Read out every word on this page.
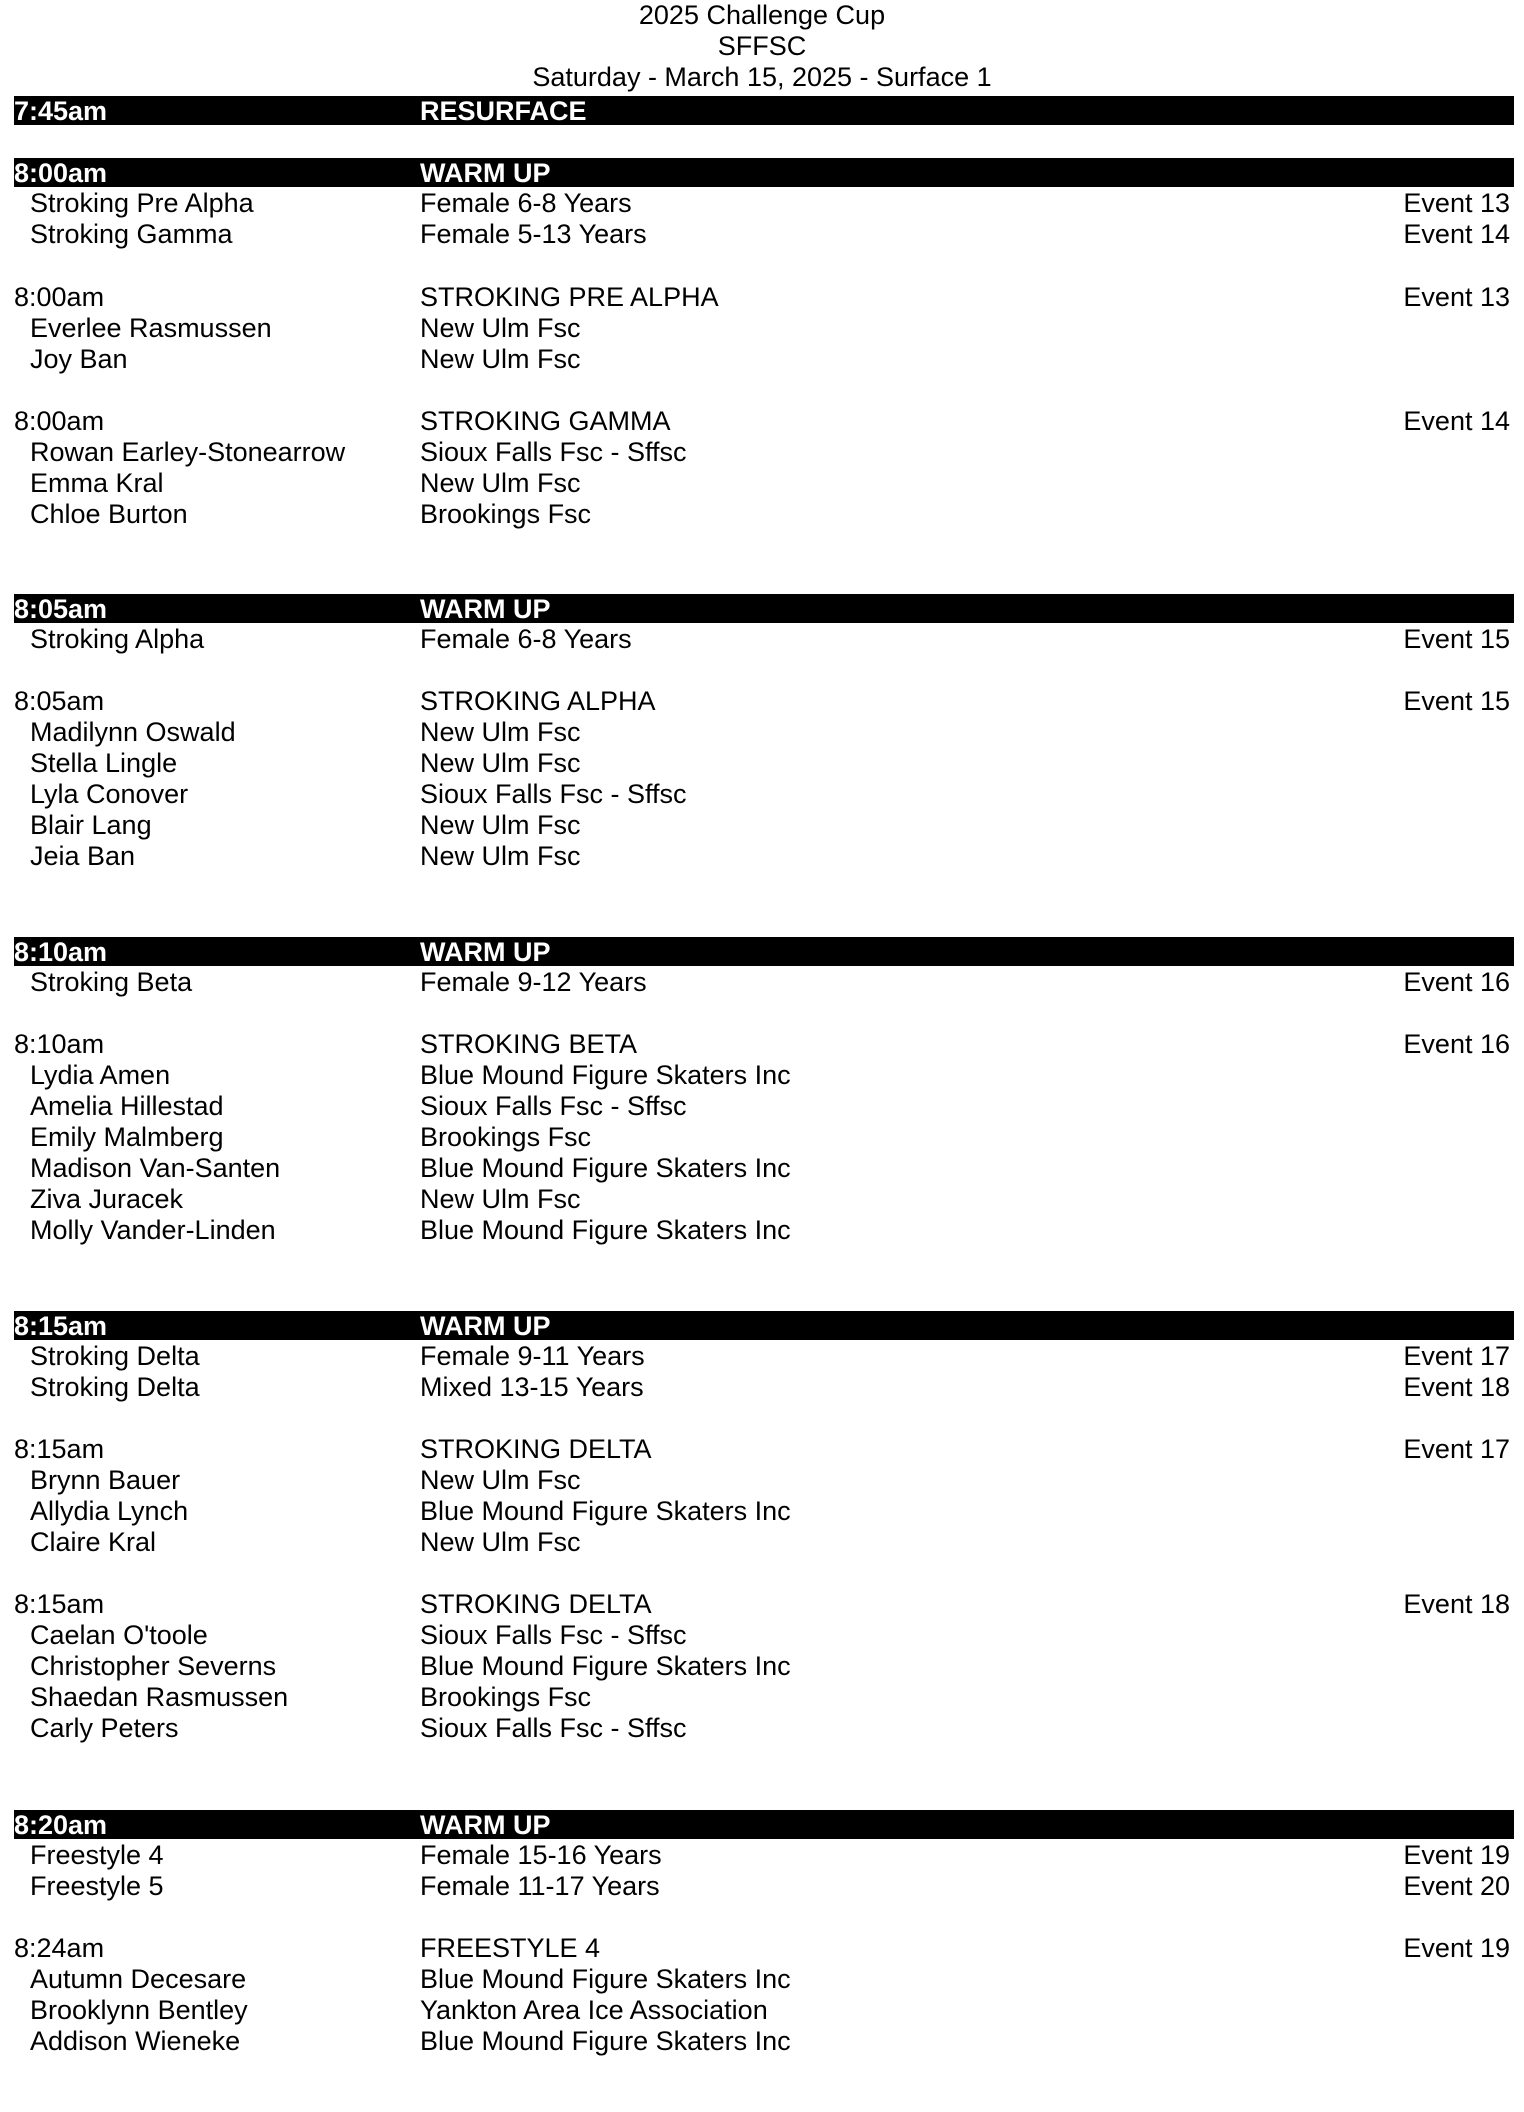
2025 Challenge Cup
SFFSC
Saturday - March 15, 2025 - Surface 1
7:45am	RESURFACE
8:00am	WARM UP
Stroking Pre Alpha	Female 6-8 Years	Event 13
Stroking Gamma	Female 5-13 Years	Event 14
8:00am	STROKING PRE ALPHA	Event 13
Everlee Rasmussen	New Ulm Fsc
Joy Ban	New Ulm Fsc
8:00am	STROKING GAMMA	Event 14
Rowan Earley-Stonearrow	Sioux Falls Fsc - Sffsc
Emma Kral	New Ulm Fsc
Chloe Burton	Brookings Fsc
8:05am	WARM UP
Stroking Alpha	Female 6-8 Years	Event 15
8:05am	STROKING ALPHA	Event 15
Madilynn Oswald	New Ulm Fsc
Stella Lingle	New Ulm Fsc
Lyla Conover	Sioux Falls Fsc - Sffsc
Blair Lang	New Ulm Fsc
Jeia Ban	New Ulm Fsc
8:10am	WARM UP
Stroking Beta	Female 9-12 Years	Event 16
8:10am	STROKING BETA	Event 16
Lydia Amen	Blue Mound Figure Skaters Inc
Amelia Hillestad	Sioux Falls Fsc - Sffsc
Emily Malmberg	Brookings Fsc
Madison Van-Santen	Blue Mound Figure Skaters Inc
Ziva Juracek	New Ulm Fsc
Molly Vander-Linden	Blue Mound Figure Skaters Inc
8:15am	WARM UP
Stroking Delta	Female 9-11 Years	Event 17
Stroking Delta	Mixed 13-15 Years	Event 18
8:15am	STROKING DELTA	Event 17
Brynn Bauer	New Ulm Fsc
Allydia Lynch	Blue Mound Figure Skaters Inc
Claire Kral	New Ulm Fsc
8:15am	STROKING DELTA	Event 18
Caelan O'toole	Sioux Falls Fsc - Sffsc
Christopher Severns	Blue Mound Figure Skaters Inc
Shaedan Rasmussen	Brookings Fsc
Carly Peters	Sioux Falls Fsc - Sffsc
8:20am	WARM UP
Freestyle 4	Female 15-16 Years	Event 19
Freestyle 5	Female 11-17 Years	Event 20
8:24am	FREESTYLE 4	Event 19
Autumn Decesare	Blue Mound Figure Skaters Inc
Brooklynn Bentley	Yankton Area Ice Association
Addison Wieneke	Blue Mound Figure Skaters Inc
